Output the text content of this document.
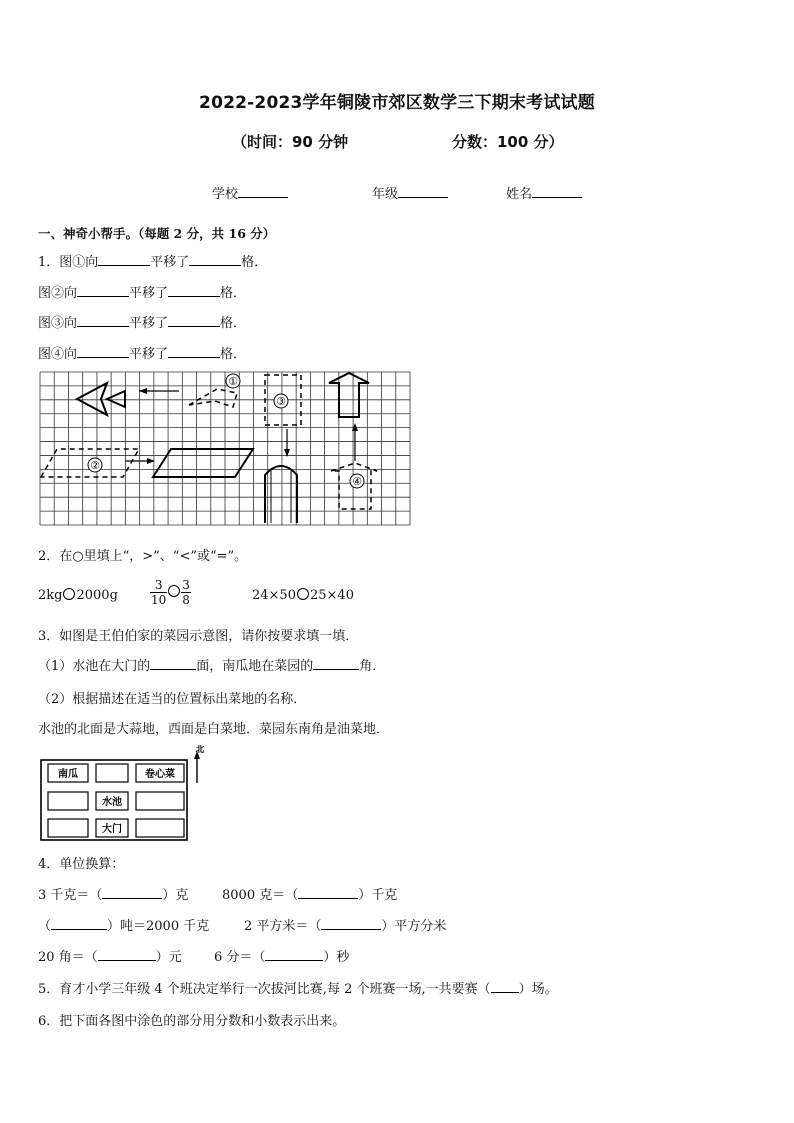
2022-2023学年铜陵市郊区数学三下期末考试试题
（时间：90 分钟	分数：100 分）
学校	年级	姓名
一、神奇小帮手。（每题 2 分，共 16 分）
1．图①向	平移了	格．
图②向	平移了	格．
图③向	平移了	格．
图④向	平移了	格．
①
②
③
④
2．在○里填上“，>”、“<”或“=”。
2kg 2000g	$\frac{3}{10} \frac{3}{8}$	24×50 25×40
3．如图是王伯伯家的菜园示意图，请你按要求填一填．
（1）水池在大门的	面，南瓜地在菜园的	角．
（2）根据描述在适当的位置标出菜地的名称．
水池的北面是大蒜地，西面是白菜地．菜园东南角是油菜地．
南瓜	卷心菜
水池
大门
北
4．单位换算：
3 千克＝（	）克	8000 克＝（	）千克
（	）吨＝2000 千克	2 平方米＝（	）平方分米
20 角＝（	）元 6 分＝（	）秒
5．育才小学三年级 4 个班决定举行一次拔河比赛,每 2 个班赛一场,一共要赛（ ）场。
6．把下面各图中涂色的部分用分数和小数表示出来。
